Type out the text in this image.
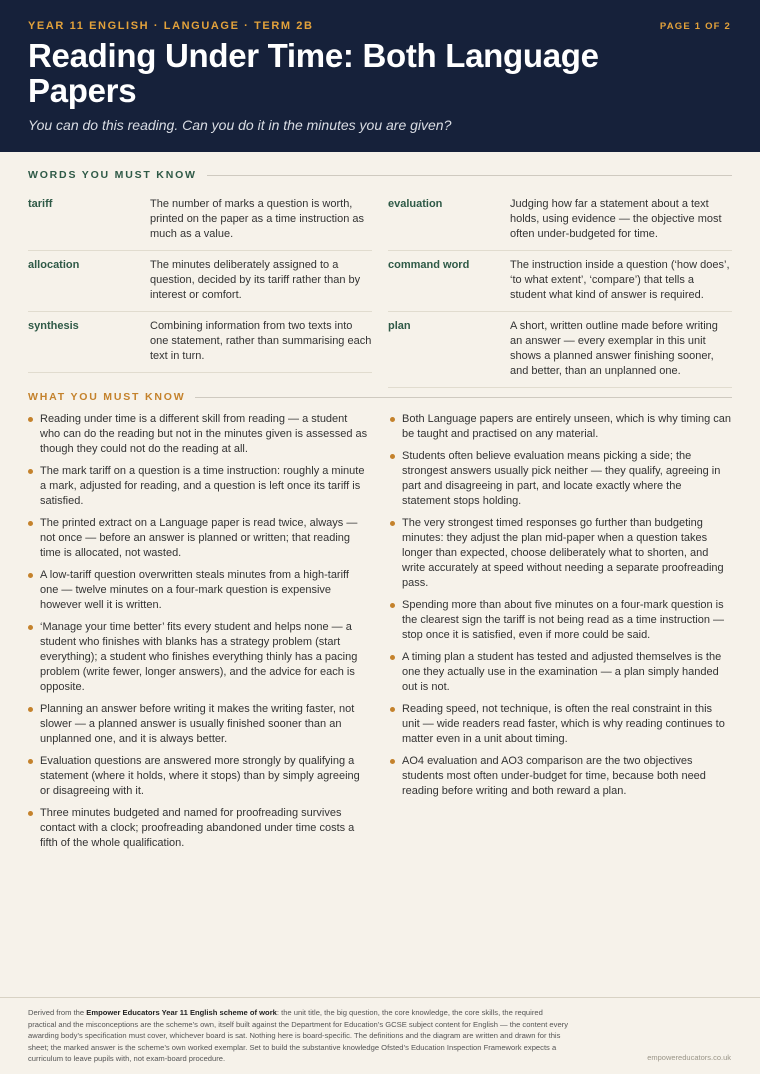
YEAR 11 ENGLISH · LANGUAGE · TERM 2B	PAGE 1 OF 2
Reading Under Time: Both Language Papers
You can do this reading. Can you do it in the minutes you are given?
WORDS YOU MUST KNOW
tariff	The number of marks a question is worth, printed on the paper as a time instruction as much as a value.
allocation	The minutes deliberately assigned to a question, decided by its tariff rather than by interest or comfort.
synthesis	Combining information from two texts into one statement, rather than summarising each text in turn.
evaluation	Judging how far a statement about a text holds, using evidence — the objective most often under-budgeted for time.
command word	The instruction inside a question (‘how does’, ‘to what extent’, ‘compare’) that tells a student what kind of answer is required.
plan	A short, written outline made before writing an answer — every exemplar in this unit shows a planned answer finishing sooner, and better, than an unplanned one.
WHAT YOU MUST KNOW
Reading under time is a different skill from reading — a student who can do the reading but not in the minutes given is assessed as though they could not do the reading at all.
The mark tariff on a question is a time instruction: roughly a minute a mark, adjusted for reading, and a question is left once its tariff is satisfied.
The printed extract on a Language paper is read twice, always — not once — before an answer is planned or written; that reading time is allocated, not wasted.
A low-tariff question overwritten steals minutes from a high-tariff one — twelve minutes on a four-mark question is expensive however well it is written.
‘Manage your time better’ fits every student and helps none — a student who finishes with blanks has a strategy problem (start everything); a student who finishes everything thinly has a pacing problem (write fewer, longer answers), and the advice for each is opposite.
Planning an answer before writing it makes the writing faster, not slower — a planned answer is usually finished sooner than an unplanned one, and it is always better.
Evaluation questions are answered more strongly by qualifying a statement (where it holds, where it stops) than by simply agreeing or disagreeing with it.
Three minutes budgeted and named for proofreading survives contact with a clock; proofreading abandoned under time costs a fifth of the whole qualification.
Both Language papers are entirely unseen, which is why timing can be taught and practised on any material.
Students often believe evaluation means picking a side; the strongest answers usually pick neither — they qualify, agreeing in part and disagreeing in part, and locate exactly where the statement stops holding.
The very strongest timed responses go further than budgeting minutes: they adjust the plan mid-paper when a question takes longer than expected, choose deliberately what to shorten, and write accurately at speed without needing a separate proofreading pass.
Spending more than about five minutes on a four-mark question is the clearest sign the tariff is not being read as a time instruction — stop once it is satisfied, even if more could be said.
A timing plan a student has tested and adjusted themselves is the one they actually use in the examination — a plan simply handed out is not.
Reading speed, not technique, is often the real constraint in this unit — wide readers read faster, which is why reading continues to matter even in a unit about timing.
AO4 evaluation and AO3 comparison are the two objectives students most often under-budget for time, because both need reading before writing and both reward a plan.
Derived from the Empower Educators Year 11 English scheme of work: the unit title, the big question, the core knowledge, the core skills, the required practical and the misconceptions are the scheme’s own, itself built against the Department for Education’s GCSE subject content for English — the content every awarding body’s specification must cover, whichever board is sat. Nothing here is board-specific. The definitions and the diagram are written and drawn for this sheet; the marked answer is the scheme’s own worked exemplar. Set to build the substantive knowledge Ofsted’s Education Inspection Framework expects a curriculum to leave pupils with, not exam-board procedure.	empowereducators.co.uk
